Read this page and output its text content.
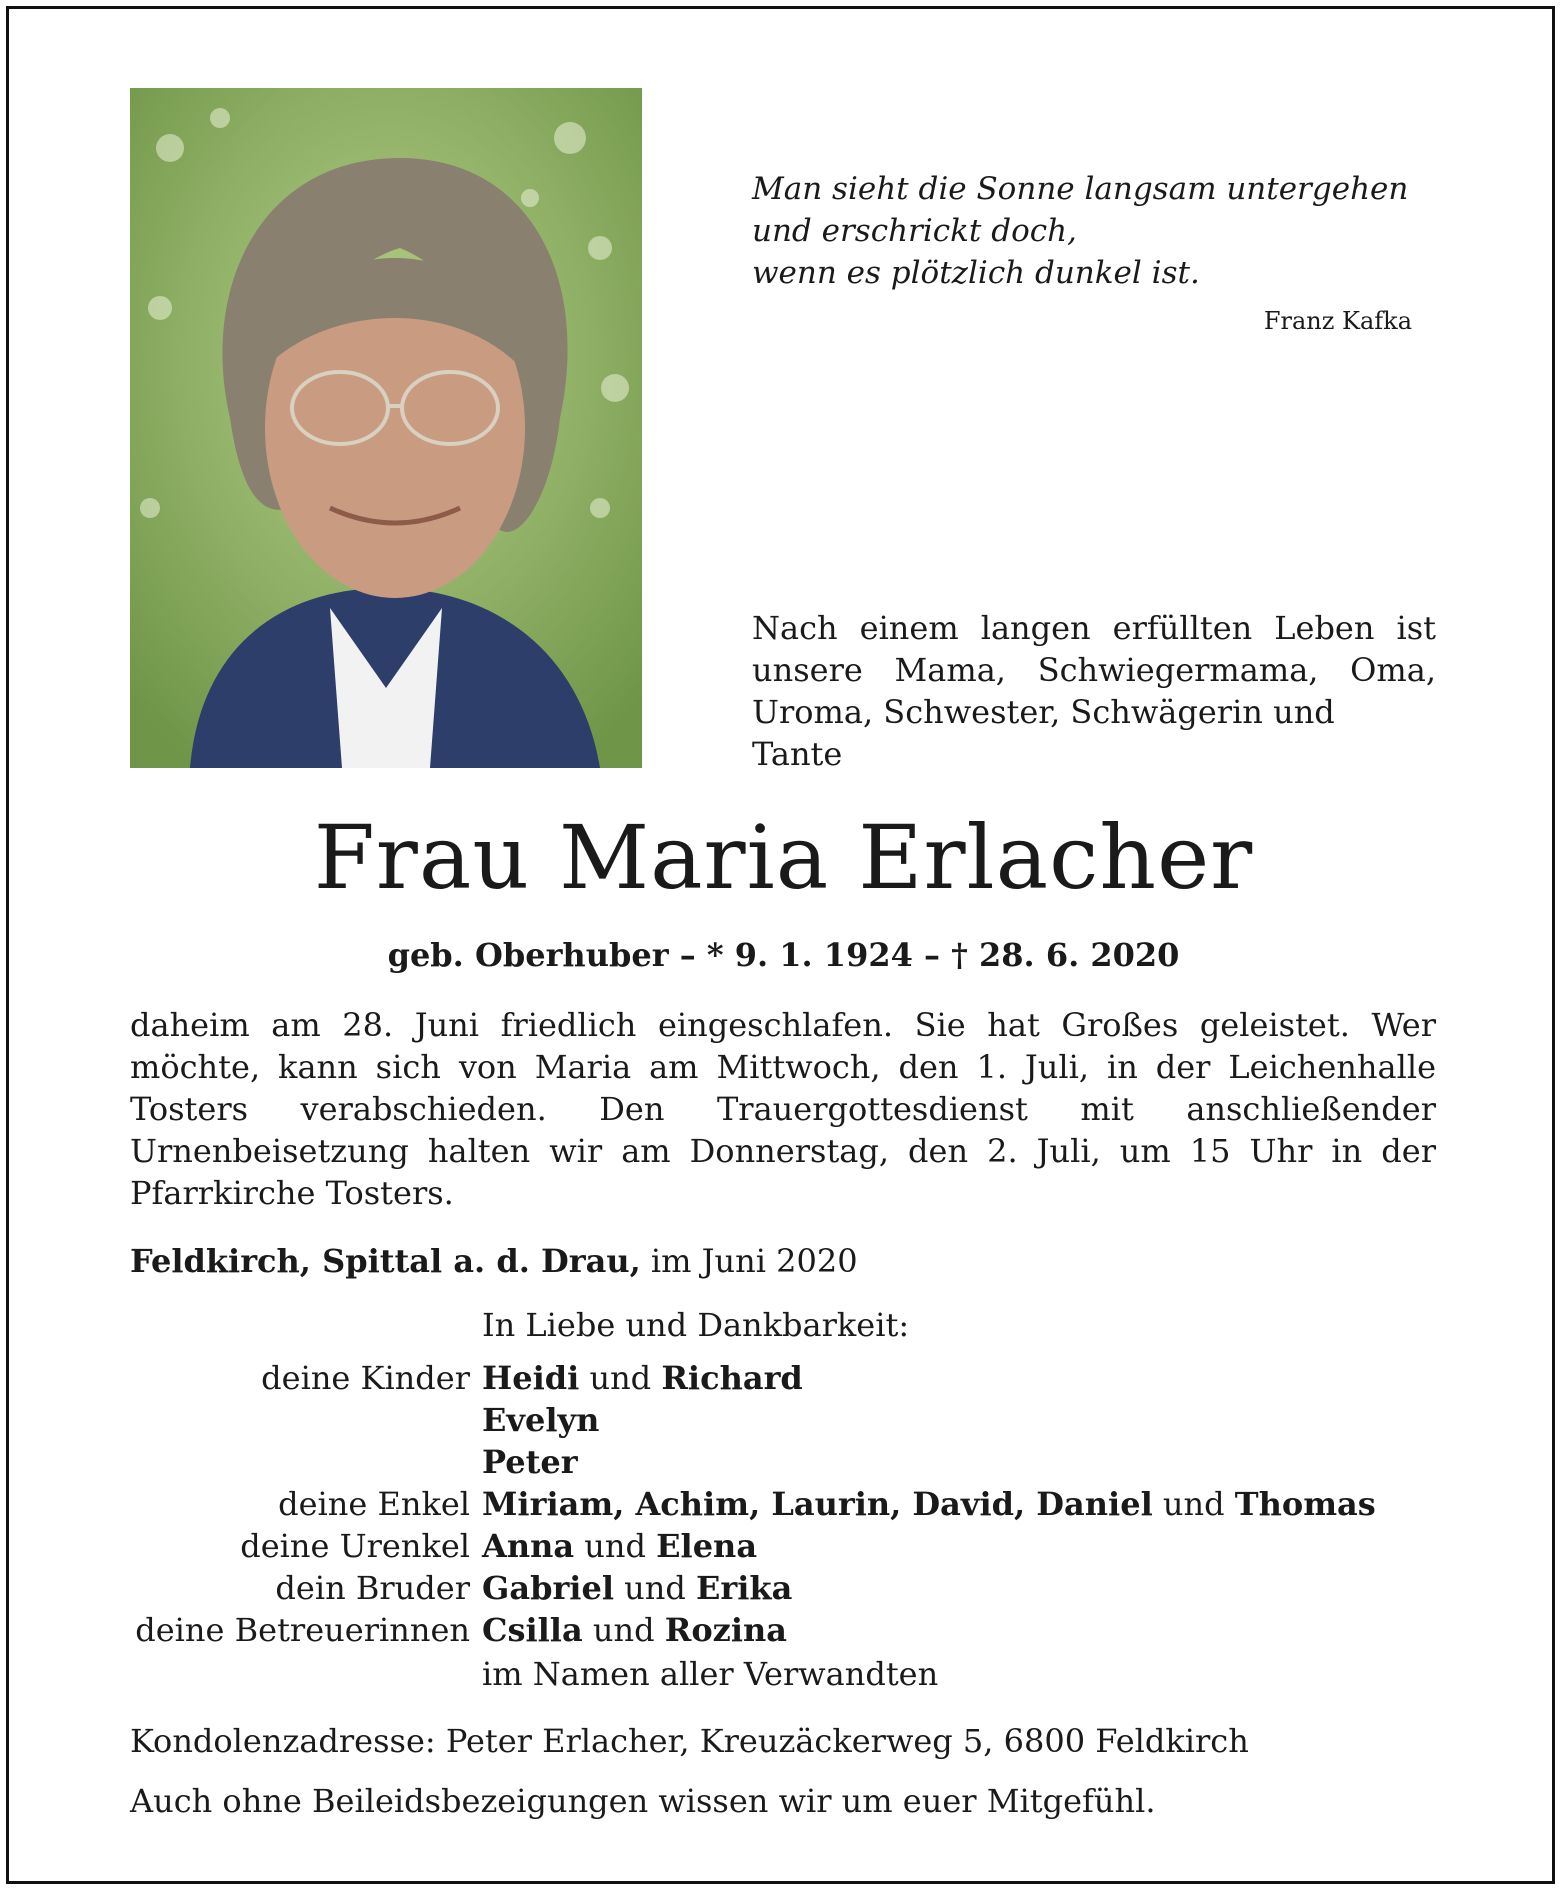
Man sieht die Sonne langsam untergehen
und erschrickt doch,
wenn es plötzlich dunkel ist.
Franz Kafka
Nach einem langen erfüllten Leben ist unsere Mama, Schwiegermama, Oma, Uroma, Schwester, Schwägerin und
Tante
Frau Maria Erlacher
geb. Oberhuber – * 9. 1. 1924 – † 28. 6. 2020
daheim am 28. Juni friedlich eingeschlafen. Sie hat Großes geleistet. Wer möchte, kann sich von Maria am Mittwoch, den 1. Juli, in der Leichenhalle Tosters verabschieden. Den Trauergottesdienst mit anschließender Urnenbeisetzung halten wir am Donnerstag, den 2. Juli, um 15 Uhr in der Pfarrkirche Tosters.
Feldkirch, Spittal a. d. Drau, im Juni 2020
In Liebe und Dankbarkeit:
deine Kinder Heidi und Richard
Evelyn
Peter
deine Enkel Miriam, Achim, Laurin, David, Daniel und Thomas
deine Urenkel Anna und Elena
dein Bruder Gabriel und Erika
deine Betreuerinnen Csilla und Rozina
im Namen aller Verwandten
Kondolenzadresse: Peter Erlacher, Kreuzäckerweg 5, 6800 Feldkirch
Auch ohne Beileidsbezeigungen wissen wir um euer Mitgefühl.
